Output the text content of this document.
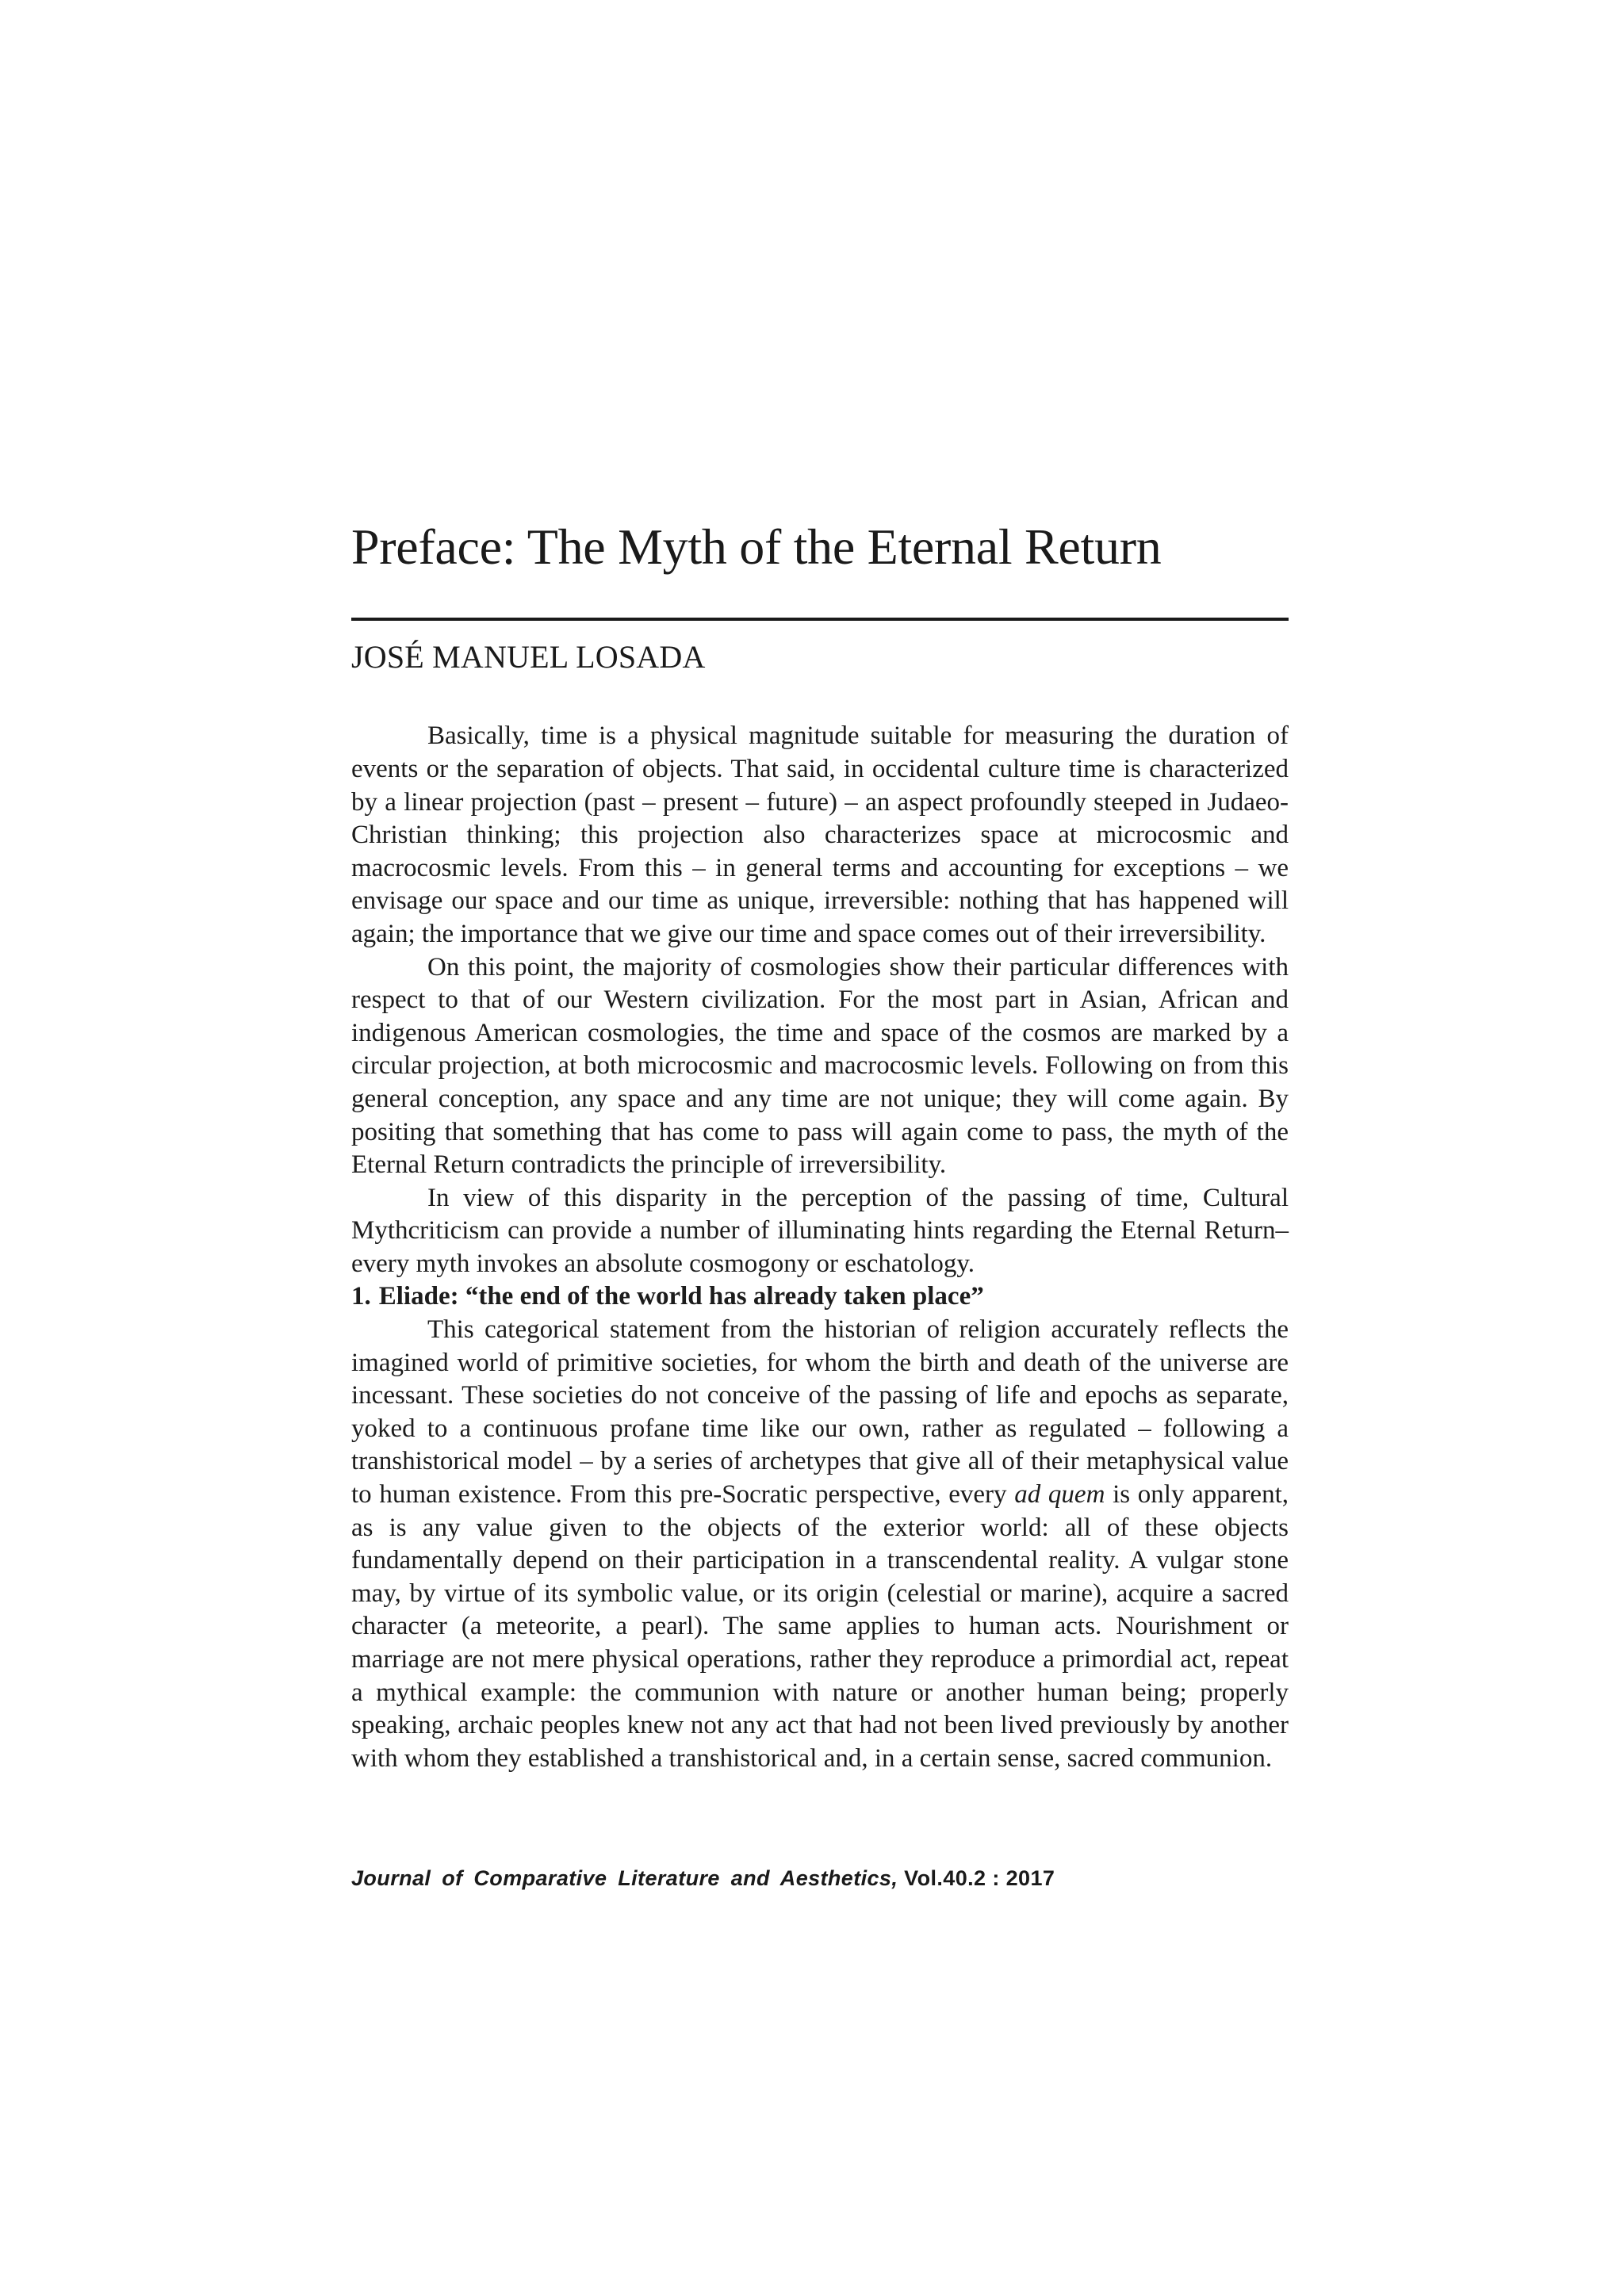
Preface: The Myth of the Eternal Return
JOSÉ MANUEL LOSADA

Basically, time is a physical magnitude suitable for measuring the duration of events or the separation of objects. That said, in occidental culture time is characterized by a linear projection (past – present – future) – an aspect profoundly steeped in Judaeo-Christian thinking; this projection also characterizes space at microcosmic and macrocosmic levels. From this – in general terms and accounting for exceptions – we envisage our space and our time as unique, irreversible: nothing that has happened will again; the importance that we give our time and space comes out of their irreversibility.

On this point, the majority of cosmologies show their particular differences with respect to that of our Western civilization. For the most part in Asian, African and indigenous American cosmologies, the time and space of the cosmos are marked by a circular projection, at both microcosmic and macrocosmic levels. Following on from this general conception, any space and any time are not unique; they will come again. By positing that something that has come to pass will again come to pass, the myth of the Eternal Return contradicts the principle of irreversibility.

In view of this disparity in the perception of the passing of time, Cultural Mythcriticism can provide a number of illuminating hints regarding the Eternal Return– every myth invokes an absolute cosmogony or eschatology.

1. Eliade: “the end of the world has already taken place”

This categorical statement from the historian of religion accurately reflects the imagined world of primitive societies, for whom the birth and death of the universe are incessant. These societies do not conceive of the passing of life and epochs as separate, yoked to a continuous profane time like our own, rather as regulated – following a transhistorical model – by a series of archetypes that give all of their metaphysical value to human existence. From this pre-Socratic perspective, every ad quem is only apparent, as is any value given to the objects of the exterior world: all of these objects fundamentally depend on their participation in a transcendental reality. A vulgar stone may, by virtue of its symbolic value, or its origin (celestial or marine), acquire a sacred character (a meteorite, a pearl). The same applies to human acts. Nourishment or marriage are not mere physical operations, rather they reproduce a primordial act, repeat a mythical example: the communion with nature or another human being; properly speaking, archaic peoples knew not any act that had not been lived previously by another with whom they established a transhistorical and, in a certain sense, sacred communion.

Journal of Comparative Literature and Aesthetics, Vol.40.2 : 2017
